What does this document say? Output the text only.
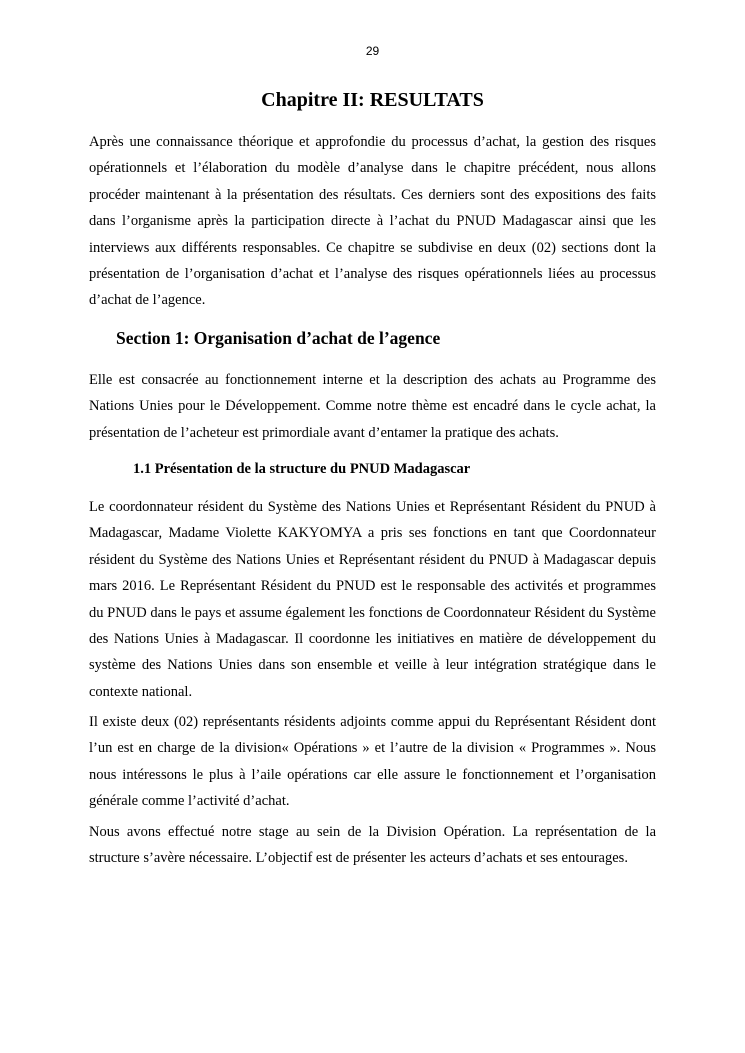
29
Chapitre II: RESULTATS

Après une connaissance théorique et approfondie du processus d’achat, la gestion des risques opérationnels et l’élaboration du modèle d’analyse dans le chapitre précédent, nous allons procéder maintenant à la présentation des résultats. Ces derniers sont des expositions des faits dans l’organisme après la participation directe à l’achat du PNUD Madagascar ainsi que les interviews aux différents responsables. Ce chapitre se subdivise en deux (02) sections dont la présentation de l’organisation d’achat et l’analyse des risques opérationnels liées au processus d’achat de l’agence.

Section 1: Organisation d’achat de l’agence

Elle est consacrée au fonctionnement interne et la description des achats au Programme des Nations Unies pour le Développement. Comme notre thème est encadré dans le cycle achat, la présentation de l’acheteur est primordiale avant d’entamer la pratique des achats.

1.1 Présentation de la structure du PNUD Madagascar

Le coordonnateur résident du Système des Nations Unies et Représentant Résident du PNUD à Madagascar, Madame Violette KAKYOMYA a pris ses fonctions en tant que Coordonnateur résident du Système des Nations Unies et Représentant résident du PNUD à Madagascar depuis mars 2016. Le Représentant Résident du PNUD est le responsable des activités et programmes du PNUD dans le pays et assume également les fonctions de Coordonnateur Résident du Système des Nations Unies à Madagascar. Il coordonne les initiatives en matière de développement du système des Nations Unies dans son ensemble et veille à leur intégration stratégique dans le contexte national.

Il existe deux (02) représentants résidents adjoints comme appui du Représentant Résident dont l’un est en charge de la division« Opérations » et l’autre de la division « Programmes ». Nous nous intéressons le plus à l’aile opérations car elle assure le fonctionnement et l’organisation générale comme l’activité d’achat.

Nous avons effectué notre stage au sein de la Division Opération. La représentation de la structure s’avère nécessaire. L’objectif est de présenter les acteurs d’achats et ses entourages.
